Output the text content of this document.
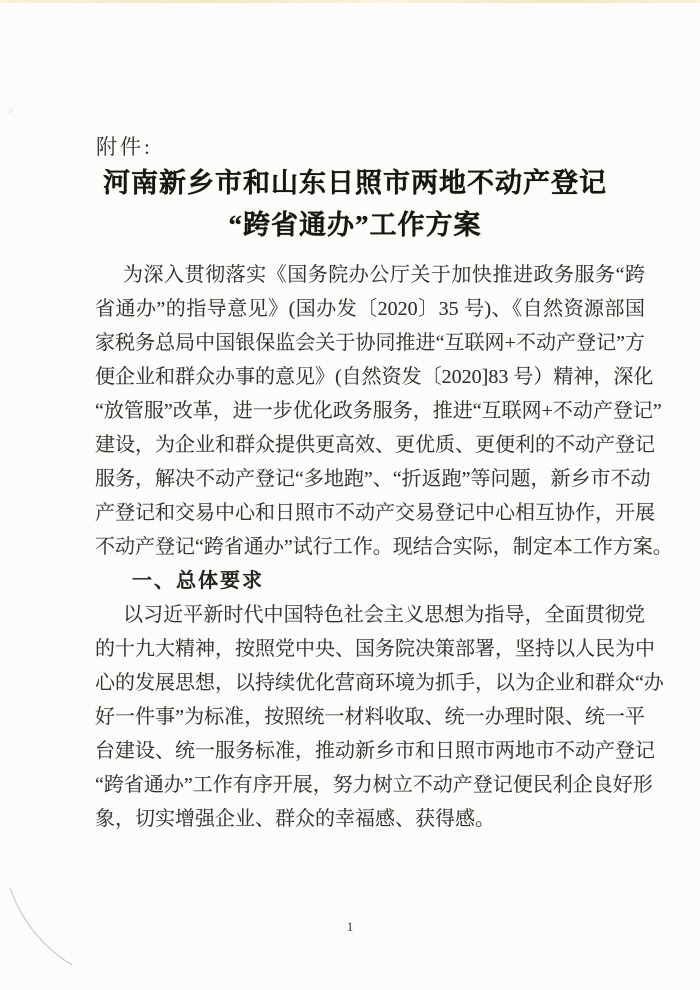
附件:
河南新乡市和山东日照市两地不动产登记
“跨省通办”工作方案
为深入贯彻落实《国务院办公厅关于加快推进政务服务“跨
省通办”的指导意见》(国办发〔2020〕35 号)、《自然资源部国
家税务总局中国银保监会关于协同推进“互联网+不动产登记”方
便企业和群众办事的意见》(自然资发〔2020]83 号）精神，深化
“放管服”改革，进一步优化政务服务，推进“互联网+不动产登记”
建设，为企业和群众提供更高效、更优质、更便利的不动产登记
服务，解决不动产登记“多地跑”、“折返跑”等问题，新乡市不动
产登记和交易中心和日照市不动产交易登记中心相互协作，开展
不动产登记“跨省通办”试行工作。现结合实际，制定本工作方案。
一、总体要求
以习近平新时代中国特色社会主义思想为指导，全面贯彻党
的十九大精神，按照党中央、国务院决策部署，坚持以人民为中
心的发展思想，以持续优化营商环境为抓手，以为企业和群众“办
好一件事”为标准，按照统一材料收取、统一办理时限、统一平
台建设、统一服务标准，推动新乡市和日照市两地市不动产登记
“跨省通办”工作有序开展，努力树立不动产登记便民利企良好形
象，切实增强企业、群众的幸福感、获得感。
1
